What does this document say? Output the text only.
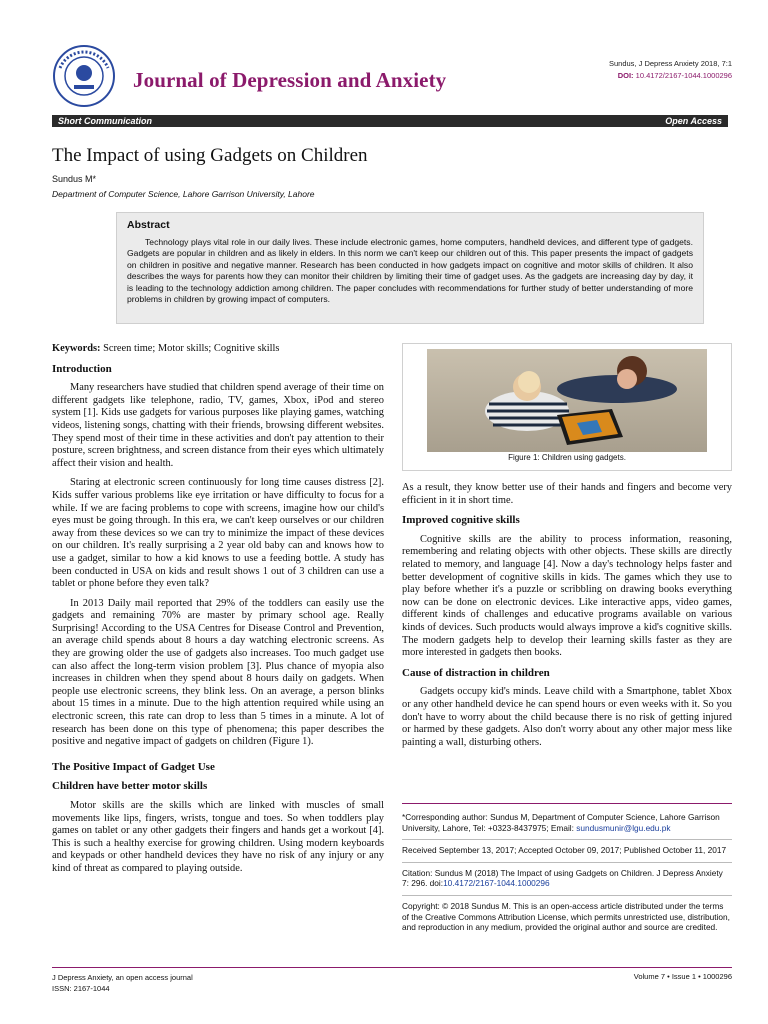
Journal of Depression and Anxiety
Sundus, J Depress Anxiety 2018, 7:1
DOI: 10.4172/2167-1044.1000296
Short Communication	Open Access
The Impact of using Gadgets on Children
Sundus M*
Department of Computer Science, Lahore Garrison University, Lahore
Abstract
Technology plays vital role in our daily lives. These include electronic games, home computers, handheld devices, and different type of gadgets. Gadgets are popular in children and as likely in elders. In this norm we can't keep our children out of this. This paper presents the impact of gadgets on children in positive and negative manner. Research has been conducted in how gadgets impact on cognitive and motor skills of children. It also describes the ways for parents how they can monitor their children by limiting their time of gadget uses. As the gadgets are increasing day by day, it is leading to the technology addiction among children. The paper concludes with recommendations for further study of better understanding of more problems in children by growing impact of computers.

Keywords: Screen time; Motor skills; Cognitive skills

Introduction

Many researchers have studied that children spend average of their time on different gadgets like telephone, radio, TV, games, Xbox, iPod and stereo system [1]. Kids use gadgets for various purposes like playing games, watching videos, listening songs, chatting with their friends, browsing different websites. They spend most of their time in these activities and don't pay attention to their posture, screen brightness, and screen distance from their eyes which ultimately affect their vision and health.

Staring at electronic screen continuously for long time causes distress [2]. Kids suffer various problems like eye irritation or have difficulty to focus for a while. If we are facing problems to cope with screens, imagine how our child's eyes must be going through. In this era, we can't keep ourselves or our children away from these devices so we can try to minimize the impact of these devices on our children. It's really surprising a 2 year old baby can and knows how to use a gadget, similar to how a kid knows to use a feeding bottle. A study has been conducted in USA on kids and result shows 1 out of 3 children can use a tablet or phone before they even talk?

In 2013 Daily mail reported that 29% of the toddlers can easily use the gadgets and remaining 70% are master by primary school age. Really Surprising! According to the USA Centres for Disease Control and Prevention, an average child spends about 8 hours a day watching electronic screens. As they are growing older the use of gadgets also increases. Too much gadget use can also affect the long-term vision problem [3]. Plus chance of myopia also increases in children when they spend about 8 hours daily on gadgets. When people use electronic screens, they blink less. On an average, a person blinks about 15 times in a minute. Due to the high attention required while using an electronic screen, this rate can drop to less than 5 times in a minute. A lot of research has been done on this type of phenomena; this paper describes the positive and negative impact of gadgets on children (Figure 1).

The Positive Impact of Gadget Use
Children have better motor skills

Motor skills are the skills which are linked with muscles of small movements like lips, fingers, wrists, tongue and toes. So when toddlers play games on tablet or any other gadgets their fingers and hands get a workout [4]. This is such a healthy exercise for growing children. Using modern keyboards and keypads or other handheld devices they have no risk of any injury or any kind of threat as compared to playing outside.

Figure 1: Children using gadgets.

As a result, they know better use of their hands and fingers and become very efficient in it in short time.

Improved cognitive skills

Cognitive skills are the ability to process information, reasoning, remembering and relating objects with other objects. These skills are directly related to memory, and language [4]. Now a day's technology helps faster and better development of cognitive skills in kids. The games which they use to play before whether it's a puzzle or scribbling on drawing books everything now can be done on electronic devices. Like interactive apps, video games, different kinds of challenges and educative programs available on various kinds of devices. Such products would always improve a kid's cognitive skills. The modern gadgets help to develop their learning skills faster as they are more interested in gadgets then books.

Cause of distraction in children

Gadgets occupy kid's minds. Leave child with a Smartphone, tablet Xbox or any other handheld device he can spend hours or even weeks with it. So you don't have to worry about the child because there is no risk of getting injured or harmed by these gadgets. Also don't worry about any other major mess like painting a wall, disturbing others.

*Corresponding author: Sundus M, Department of Computer Science, Lahore Garrison University, Lahore, Tel: +0323-8437975; Email: sundusmunir@lgu.edu.pk

Received September 13, 2017; Accepted October 09, 2017; Published October 11, 2017

Citation: Sundus M (2018) The Impact of using Gadgets on Children. J Depress Anxiety 7: 296. doi:10.4172/2167-1044.1000296

Copyright: © 2018 Sundus M. This is an open-access article distributed under the terms of the Creative Commons Attribution License, which permits unrestricted use, distribution, and reproduction in any medium, provided the original author and source are credited.

J Depress Anxiety, an open access journal
ISSN: 2167-1044
Volume 7 • Issue 1 • 1000296
